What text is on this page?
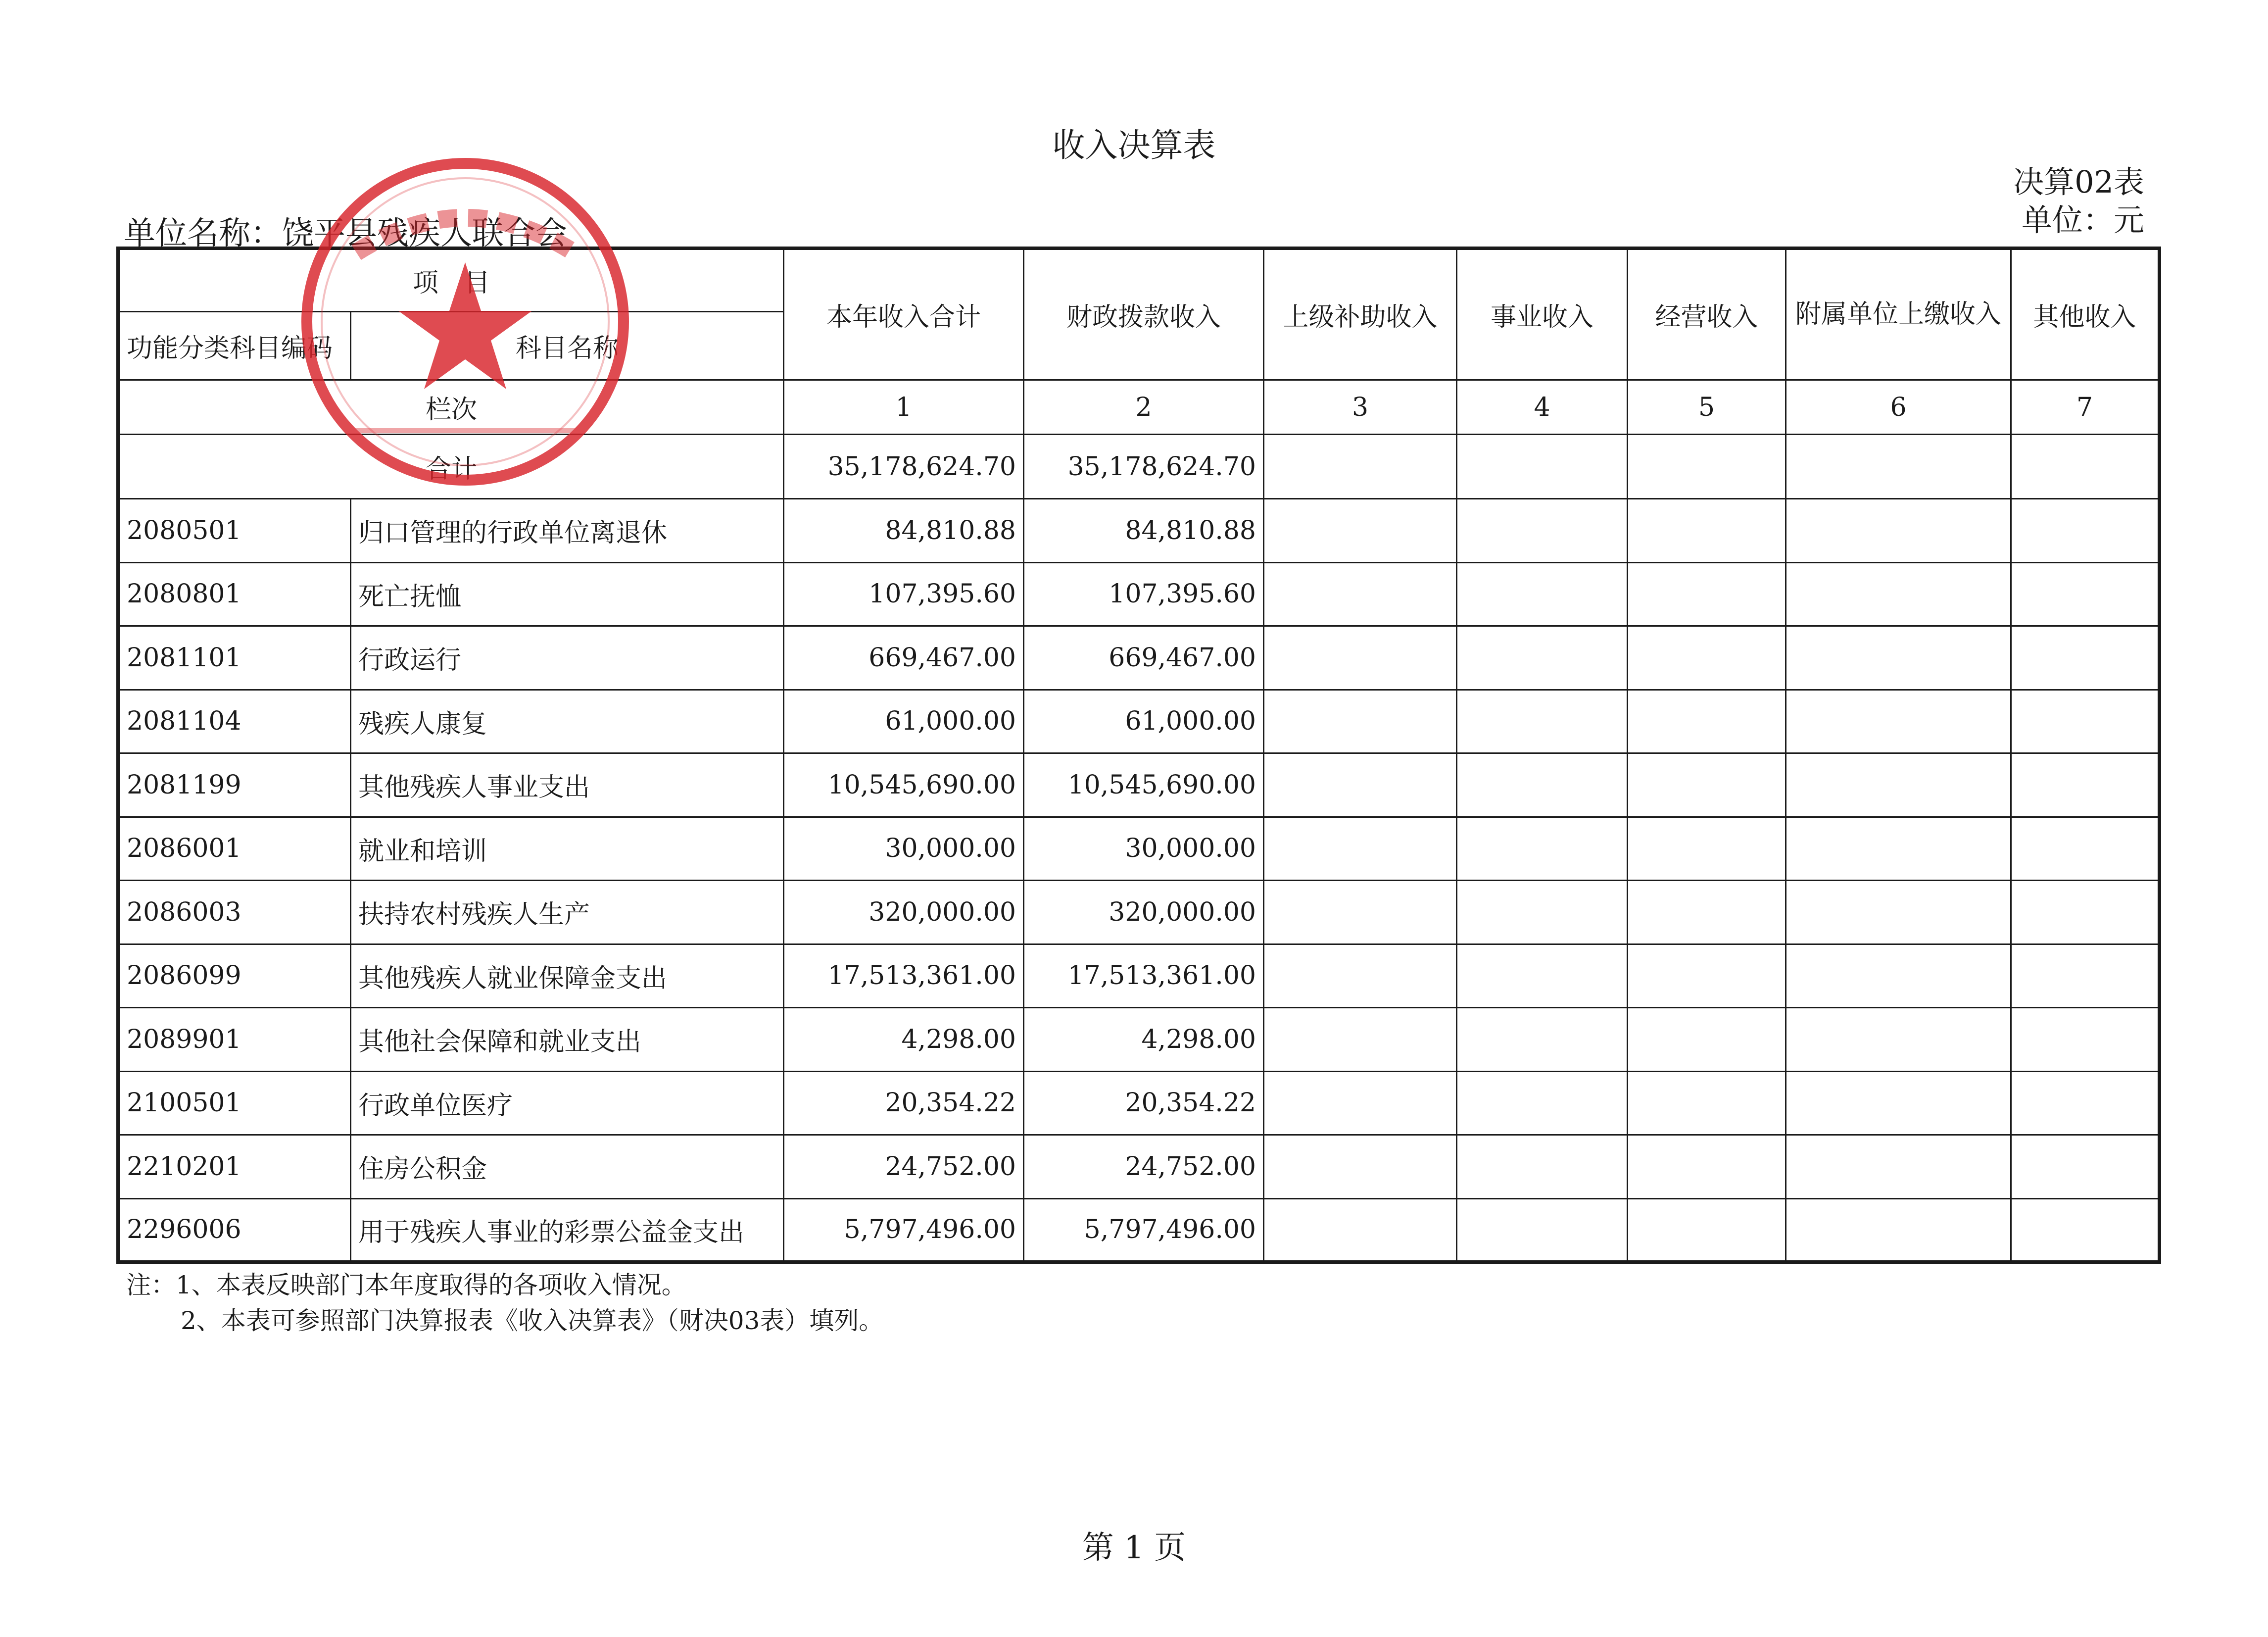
收入决算表
决算02表
单位：元
单位名称：饶平县残疾人联合会
项　目		本年收入合计	财政拨款收入	上级补助收入	事业收入	经营收入	附属单位上缴收入	其他收入
功能分类科目编码	科目名称							
栏次		1	2	3	4	5	6	7
合计		35,178,624.70	35,178,624.70					
2080501	归口管理的行政单位离退休	84,810.88	84,810.88					
2080801	死亡抚恤	107,395.60	107,395.60					
2081101	行政运行	669,467.00	669,467.00					
2081104	残疾人康复	61,000.00	61,000.00					
2081199	其他残疾人事业支出	10,545,690.00	10,545,690.00					
2086001	就业和培训	30,000.00	30,000.00					
2086003	扶持农村残疾人生产	320,000.00	320,000.00					
2086099	其他残疾人就业保障金支出	17,513,361.00	17,513,361.00					
2089901	其他社会保障和就业支出	4,298.00	4,298.00					
2100501	行政单位医疗	20,354.22	20,354.22					
2210201	住房公积金	24,752.00	24,752.00					
2296006	用于残疾人事业的彩票公益金支出	5,797,496.00	5,797,496.00					
注：1、本表反映部门本年度取得的各项收入情况。
2、本表可参照部门决算报表《收入决算表》（财决03表）填列。
第 1 页
